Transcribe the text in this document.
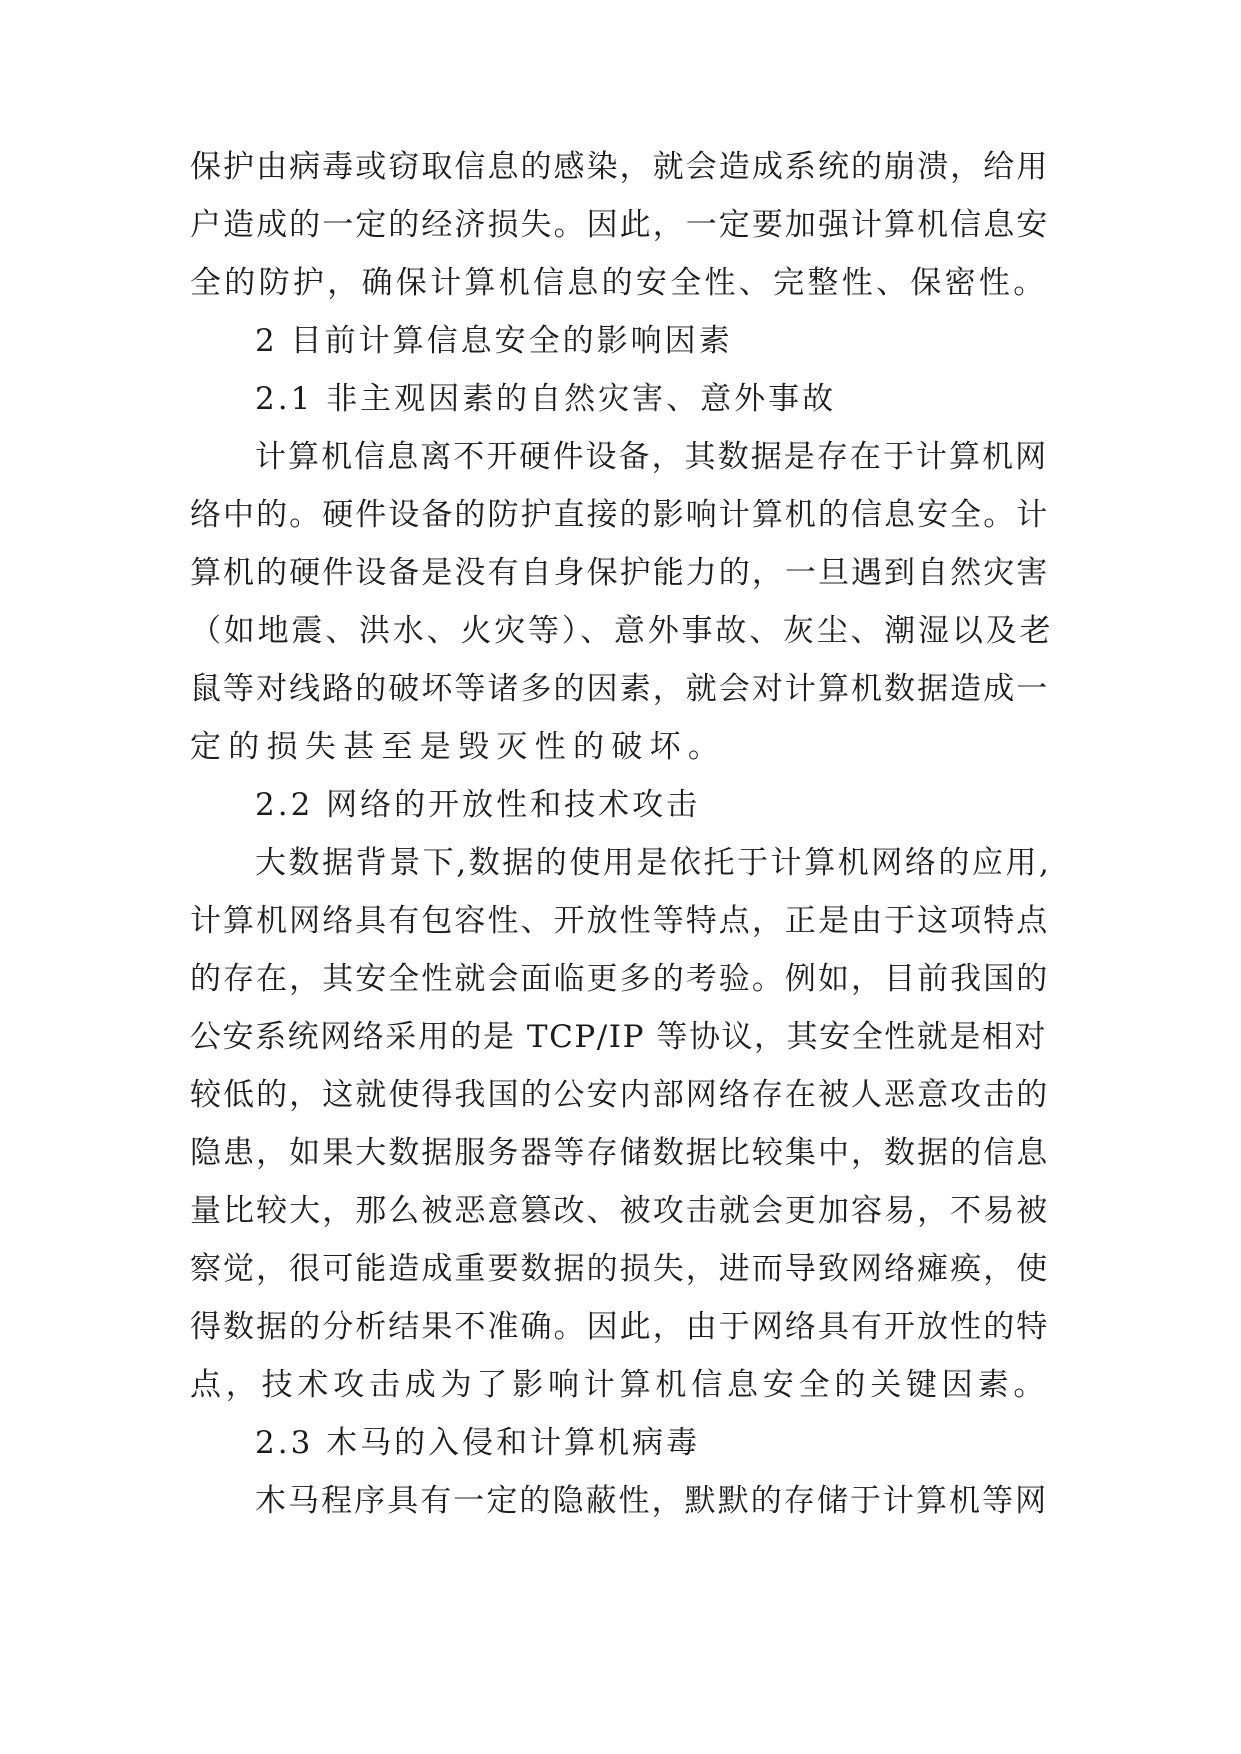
保护由病毒或窃取信息的感染，就会造成系统的崩溃，给用
户造成的一定的经济损失。因此，一定要加强计算机信息安
全的防护，确保计算机信息的安全性、完整性、保密性。
2 目前计算信息安全的影响因素
2.1 非主观因素的自然灾害、意外事故
计算机信息离不开硬件设备，其数据是存在于计算机网
络中的。硬件设备的防护直接的影响计算机的信息安全。计
算机的硬件设备是没有自身保护能力的，一旦遇到自然灾害
（如地震、洪水、火灾等）、意外事故、灰尘、潮湿以及老
鼠等对线路的破坏等诸多的因素，就会对计算机数据造成一
定的损失甚至是毁灭性的破坏。
2.2 网络的开放性和技术攻击
大数据背景下,数据的使用是依托于计算机网络的应用,
计算机网络具有包容性、开放性等特点，正是由于这项特点
的存在，其安全性就会面临更多的考验。例如，目前我国的
公安系统网络采用的是 TCP/IP 等协议，其安全性就是相对
较低的，这就使得我国的公安内部网络存在被人恶意攻击的
隐患，如果大数据服务器等存储数据比较集中，数据的信息
量比较大，那么被恶意篡改、被攻击就会更加容易，不易被
察觉，很可能造成重要数据的损失，进而导致网络瘫痪，使
得数据的分析结果不准确。因此，由于网络具有开放性的特
点，技术攻击成为了影响计算机信息安全的关键因素。
2.3 木马的入侵和计算机病毒
木马程序具有一定的隐蔽性，默默的存储于计算机等网
